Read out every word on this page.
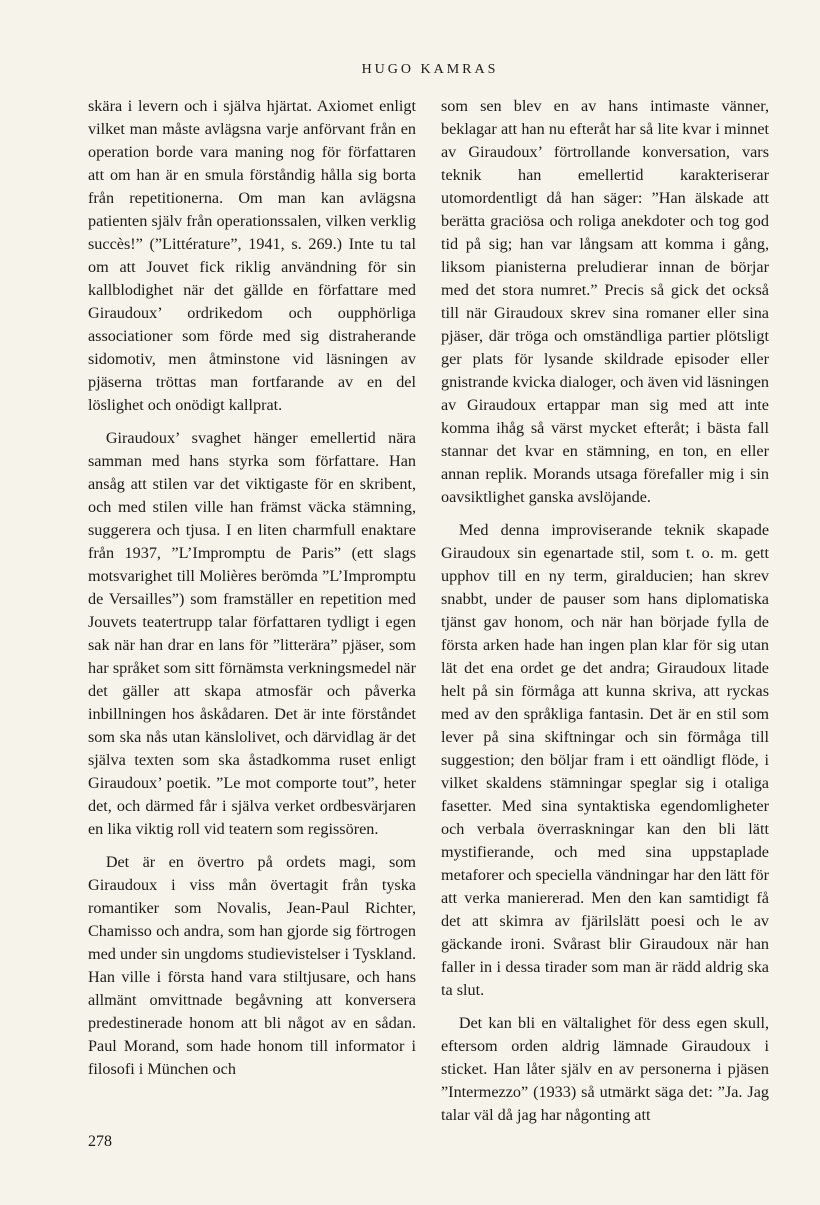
HUGO KAMRAS

skära i levern och i själva hjärtat. Axiomet enligt vilket man måste avlägsna varje anförvant från en operation borde vara maning nog för författaren att om han är en smula förståndig hålla sig borta från repetitionerna. Om man kan avlägsna patienten själv från operationssalen, vilken verklig succès!” (”Littérature”, 1941, s. 269.) Inte tu tal om att Jouvet fick riklig användning för sin kallblodighet när det gällde en författare med Giraudoux’ ordrikedom och oupphörliga associationer som förde med sig distraherande sidomotiv, men åtminstone vid läsningen av pjäserna tröttas man fortfarande av en del löslighet och onödigt kallprat.

Giraudoux’ svaghet hänger emellertid nära samman med hans styrka som författare. Han ansåg att stilen var det viktigaste för en skribent, och med stilen ville han främst väcka stämning, suggerera och tjusa. I en liten charmfull enaktare från 1937, ”L’Impromptu de Paris” (ett slags motsvarighet till Molières berömda ”L’Impromptu de Versailles”) som framställer en repetition med Jouvets teatertrupp talar författaren tydligt i egen sak när han drar en lans för ”litterära” pjäser, som har språket som sitt förnämsta verkningsmedel när det gäller att skapa atmosfär och påverka inbillningen hos åskådaren. Det är inte förståndet som ska nås utan känslolivet, och därvidlag är det själva texten som ska åstadkomma ruset enligt Giraudoux’ poetik. ”Le mot comporte tout”, heter det, och därmed får i själva verket ordbesvärjaren en lika viktig roll vid teatern som regissören.

Det är en övertro på ordets magi, som Giraudoux i viss mån övertagit från tyska romantiker som Novalis, Jean-Paul Richter, Chamisso och andra, som han gjorde sig förtrogen med under sin ungdoms studievistelser i Tyskland. Han ville i första hand vara stiltjusare, och hans allmänt omvittnade begåvning att konversera predestinerade honom att bli något av en sådan. Paul Morand, som hade honom till informator i filosofi i München och

som sen blev en av hans intimaste vänner, beklagar att han nu efteråt har så lite kvar i minnet av Giraudoux’ förtrollande konversation, vars teknik han emellertid karakteriserar utomordentligt då han säger: ”Han älskade att berätta graciösa och roliga anekdoter och tog god tid på sig; han var långsam att komma i gång, liksom pianisterna preludierar innan de börjar med det stora numret.” Precis så gick det också till när Giraudoux skrev sina romaner eller sina pjäser, där tröga och omständliga partier plötsligt ger plats för lysande skildrade episoder eller gnistrande kvicka dialoger, och även vid läsningen av Giraudoux ertappar man sig med att inte komma ihåg så värst mycket efteråt; i bästa fall stannar det kvar en stämning, en ton, en eller annan replik. Morands utsaga förefaller mig i sin oavsiktlighet ganska avslöjande.

Med denna improviserande teknik skapade Giraudoux sin egenartade stil, som t. o. m. gett upphov till en ny term, giralducien; han skrev snabbt, under de pauser som hans diplomatiska tjänst gav honom, och när han började fylla de första arken hade han ingen plan klar för sig utan lät det ena ordet ge det andra; Giraudoux litade helt på sin förmåga att kunna skriva, att ryckas med av den språkliga fantasin. Det är en stil som lever på sina skiftningar och sin förmåga till suggestion; den böljar fram i ett oändligt flöde, i vilket skaldens stämningar speglar sig i otaliga fasetter. Med sina syntaktiska egendomligheter och verbala överraskningar kan den bli lätt mystifierande, och med sina uppstaplade metaforer och speciella vändningar har den lätt för att verka maniererad. Men den kan samtidigt få det att skimra av fjärilslätt poesi och le av gäckande ironi. Svårast blir Giraudoux när han faller in i dessa tirader som man är rädd aldrig ska ta slut.

Det kan bli en vältalighet för dess egen skull, eftersom orden aldrig lämnade Giraudoux i sticket. Han låter själv en av personerna i pjäsen ”Intermezzo” (1933) så utmärkt säga det: ”Ja. Jag talar väl då jag har någonting att

278
